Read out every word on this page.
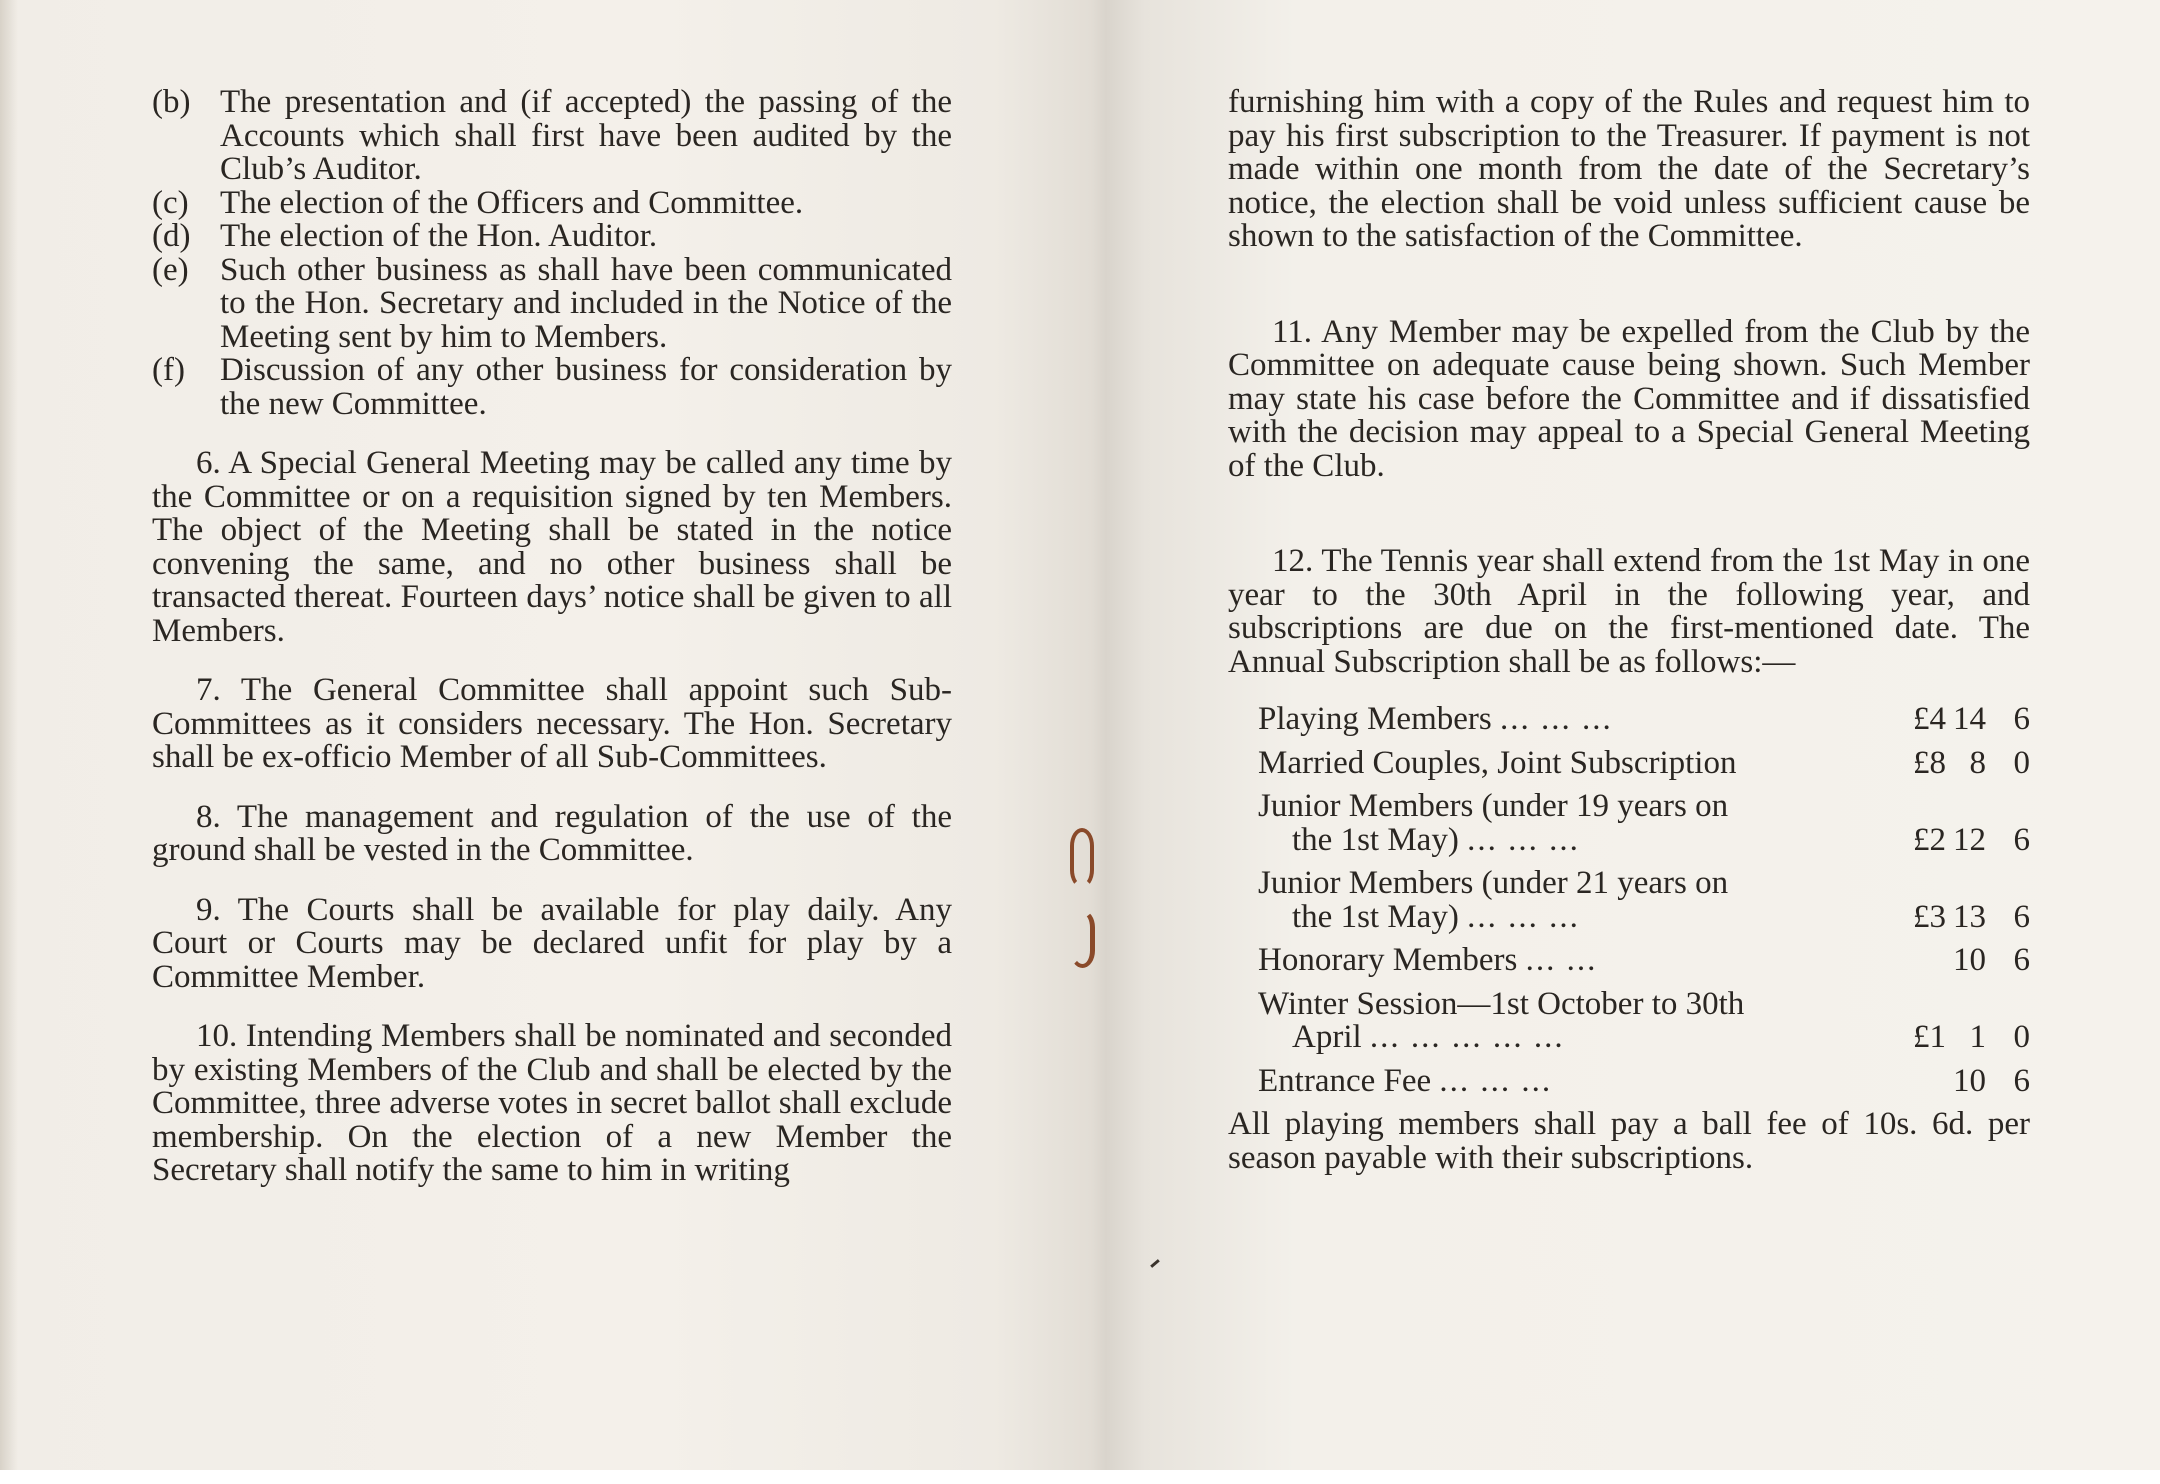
(b) The presentation and (if accepted) the passing of the Accounts which shall first have been audited by the Club’s Auditor.
(c) The election of the Officers and Committee.
(d) The election of the Hon. Auditor.
(e) Such other business as shall have been communicated to the Hon. Secretary and included in the Notice of the Meeting sent by him to Members.
(f)	Discussion of any other business for consideration by the new Committee.

6. A Special General Meeting may be called any time by the Committee or on a requisition signed by ten Members. The object of the Meeting shall be stated in the notice convening the same, and no other business shall be transacted thereat. Fourteen days’ notice shall be given to all Members.

7. The General Committee shall appoint such Sub-Committees as it considers necessary. The Hon. Secretary shall be ex-officio Member of all Sub-Committees.

8. The management and regulation of the use of the ground shall be vested in the Committee.

9. The Courts shall be available for play daily. Any Court or Courts may be declared unfit for play by a Committee Member.

10. Intending Members shall be nominated and seconded by existing Members of the Club and shall be elected by the Committee, three adverse votes in secret ballot shall exclude membership. On the election of a new Member the Secretary shall notify the same to him in writing

furnishing him with a copy of the Rules and request him to pay his first subscription to the Treasurer. If payment is not made within one month from the date of the Secretary’s notice, the election shall be void unless sufficient cause be shown to the satisfaction of the Committee.

11. Any Member may be expelled from the Club by the Committee on adequate cause being shown. Such Member may state his case before the Committee and if dissatisfied with the decision may appeal to a Special General Meeting of the Club.

12. The Tennis year shall extend from the 1st May in one year to the 30th April in the following year, and subscriptions are due on the first-mentioned date. The Annual Subscription shall be as follows:—

Playing Members ... ... ...	£4 14 6
Married Couples, Joint Subscription	£8 8 0
Junior Members (under 19 years on
the 1st May) ... ... ...	£2 12 6
Junior Members (under 21 years on
the 1st May) ... ... ...	£3 13 6
Honorary Members ... ...	10 6
Winter Session—1st October to 30th
April ... ... ... ... ...	£1 1 0
Entrance Fee ... ... ...	10 6

All playing members shall pay a ball fee of 10s. 6d. per season payable with their subscriptions.
